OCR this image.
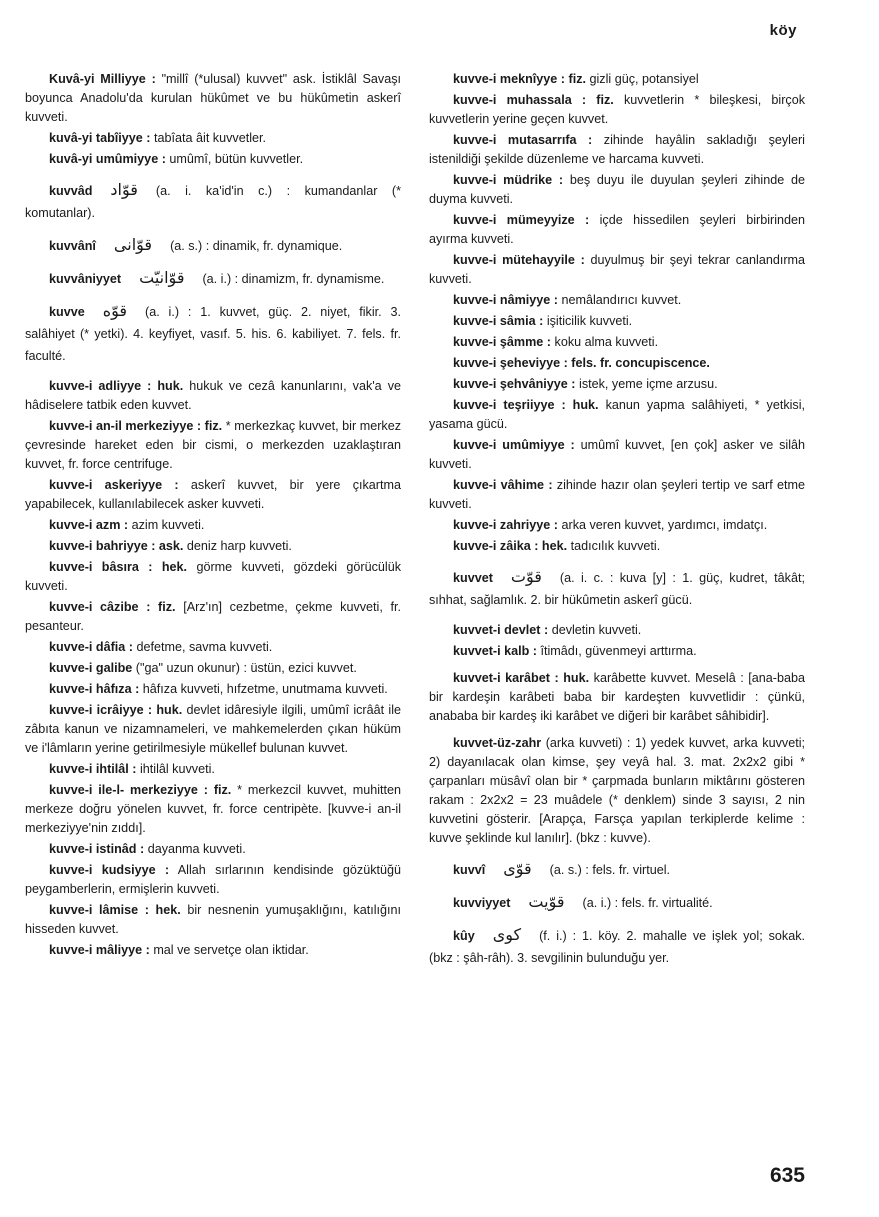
köy

Kuvâ-yi Milliyye : "millî (*ulusal) kuvvet" ask. İstiklâl Savaşı boyunca Anadolu'da kurulan hükûmet ve bu hükûmetin askerî kuvveti.

kuvâ-yi tabîiyye : tabîata âit kuvvetler.

kuvâ-yi umûmiyye : umûmî, bütün kuvvetler.

kuvvâd قوّاد (a. i. ka'id'in c.) : kumandanlar (* komutanlar).

kuvvânî قوّانى (a. s.) : dinamik, fr. dynamique.

kuvvâniyyet قوّانيّت (a. i.) : dinamizm, fr. dynamisme.

kuvve قوّه (a. i.) : 1. kuvvet, güç. 2. niyet, fikir. 3. salâhiyet (* yetki). 4. keyfiyet, vasıf. 5. his. 6. kabiliyet. 7. fels. fr. faculté.

kuvve-i adliyye : huk. hukuk ve cezâ kanunlarını, vak'a ve hâdiselere tatbik eden kuvvet.

kuvve-i an-il merkeziyye : fiz. * merkezkaç kuvvet, bir merkez çevresinde hareket eden bir cismi, o merkezden uzaklaştıran kuvvet, fr. force centrifuge.

kuvve-i askeriyye : askerî kuvvet, bir yere çıkartma yapabilecek, kullanılabilecek asker kuvveti.

kuvve-i azm : azim kuvveti.

kuvve-i bahriyye : ask. deniz harp kuvveti.

kuvve-i bâsıra : hek. görme kuvveti, gözdeki görücülük kuvveti.

kuvve-i câzibe : fiz. [Arz'ın] cezbetme, çekme kuvveti, fr. pesanteur.

kuvve-i dâfia : defetme, savma kuvveti.

kuvve-i galibe ("ga" uzun okunur) : üstün, ezici kuvvet.

kuvve-i hâfıza : hâfıza kuvveti, hıfzetme, unutmama kuvveti.

kuvve-i icrâiyye : huk. devlet idâresiyle ilgili, umûmî icrâât ile zâbıta kanun ve nizamnameleri, ve mahkemelerden çıkan hüküm ve i'lâmların yerine getirilmesiyle mükellef bulunan kuvvet.

kuvve-i ihtilâl : ihtilâl kuvveti.

kuvve-i ile-l- merkeziyye : fiz. * merkezcil kuvvet, muhitten merkeze doğru yönelen kuvvet, fr. force centripète. [kuvve-i an-il merkeziyye'nin zıddı].

kuvve-i istinâd : dayanma kuvveti.

kuvve-i kudsiyye : Allah sırlarının kendisinde gözüktüğü peygamberlerin, ermişlerin kuvveti.

kuvve-i lâmise : hek. bir nesnenin yumuşaklığını, katılığını hisseden kuvvet.

kuvve-i mâliyye : mal ve servetçe olan iktidar.

kuvve-i meknîyye : fiz. gizli güç, potansiyel

kuvve-i muhassala : fiz. kuvvetlerin * bileşkesi, birçok kuvvetlerin yerine geçen kuvvet.

kuvve-i mutasarrıfa : zihinde hayâlin sakladığı şeyleri istenildiği şekilde düzenleme ve harcama kuvveti.

kuvve-i müdrike : beş duyu ile duyulan şeyleri zihinde de duyma kuvveti.

kuvve-i mümeyyize : içde hissedilen şeyleri birbirinden ayırma kuvveti.

kuvve-i mütehayyile : duyulmuş bir şeyi tekrar canlandırma kuvveti.

kuvve-i nâmiyye : nemâlandırıcı kuvvet.

kuvve-i sâmia : işiticilik kuvveti.

kuvve-i şâmme : koku alma kuvveti.

kuvve-i şeheviyye : fels. fr. concupiscence.

kuvve-i şehvâniyye : istek, yeme içme arzusu.

kuvve-i teşriiyye : huk. kanun yapma salâhiyeti, * yetkisi, yasama gücü.

kuvve-i umûmiyye : umûmî kuvvet, [en çok] asker ve silâh kuvveti.

kuvve-i vâhime : zihinde hazır olan şeyleri tertip ve sarf etme kuvveti.

kuvve-i zahriyye : arka veren kuvvet, yardımcı, imdatçı.

kuvve-i zâika : hek. tadıcılık kuvveti.

kuvvet قوّت (a. i. c. : kuva [y] : 1. güç, kudret, tâkât; sıhhat, sağlamlık. 2. bir hükûmetin askerî gücü.

kuvvet-i devlet : devletin kuvveti.

kuvvet-i kalb : îtimâdı, güvenmeyi arttırma.

kuvvet-i karâbet : huk. karâbette kuvvet. Meselâ : [ana-baba bir kardeşin karâbeti baba bir kardeşten kuvvetlidir : çünkü, anababa bir kardeş iki karâbet ve diğeri bir karâbet sâhibidir].

kuvvet-üz-zahr (arka kuvveti) : 1) yedek kuvvet, arka kuvveti; 2) dayanılacak olan kimse, şey veyâ hal. 3. mat. 2x2x2 gibi * çarpanları müsâvî olan bir * çarpmada bunların miktârını gösteren rakam : 2x2x2 = 23 muâdele (* denklem) sinde 3 sayısı, 2 nin kuvvetini gösterir. [Arapça, Farsça yapılan terkiplerde kelime : kuvve şeklinde kul lanılır]. (bkz : kuvve).

kuvvî قوّى (a. s.) : fels. fr. virtuel.

kuvviyyet قوّيت (a. i.) : fels. fr. virtualité.

kûy كوى (f. i.) : 1. köy. 2. mahalle ve işlek yol; sokak. (bkz : şâh-râh). 3. sevgilinin bulunduğu yer.

635
